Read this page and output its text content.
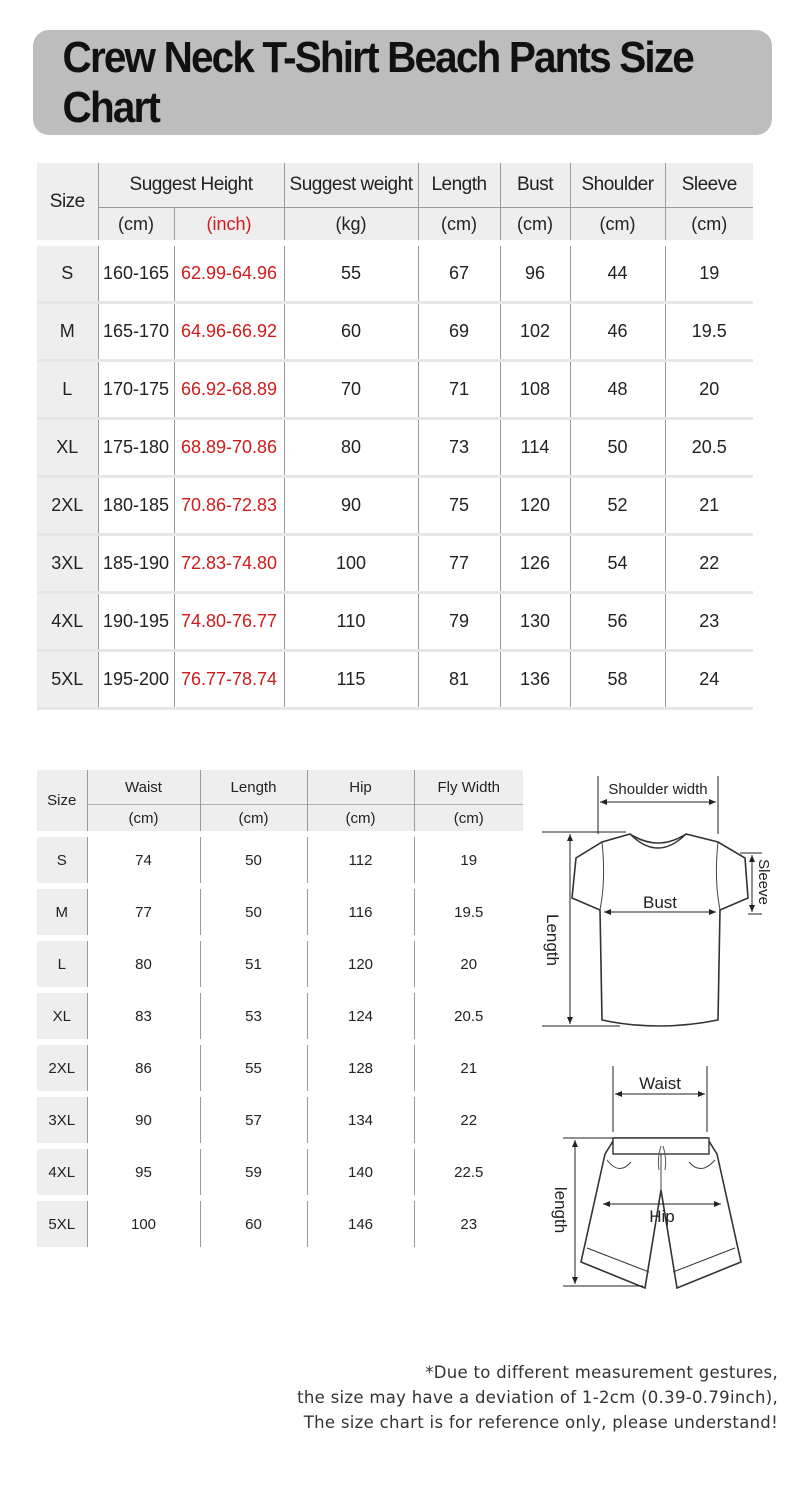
Crew Neck T-Shirt Beach Pants Size Chart
Size	Suggest Height		Suggest weight	Length	Bust	Shoulder	Sleeve
	(cm)	(inch)	(kg)	(cm)	(cm)	(cm)	(cm)

S	160-165	62.99-64.96	55	67	96	44	19
M	165-170	64.96-66.92	60	69	102	46	19.5
L	170-175	66.92-68.89	70	71	108	48	20
XL	175-180	68.89-70.86	80	73	114	50	20.5
2XL	180-185	70.86-72.83	90	75	120	52	21
3XL	185-190	72.83-74.80	100	77	126	54	22
4XL	190-195	74.80-76.77	110	79	130	56	23
5XL	195-200	76.77-78.74	115	81	136	58	24
Size	Waist	Length	Hip	Fly Width
	(cm)	(cm)	(cm)	(cm)

S	74	50	112	19
M	77	50	116	19.5
L	80	51	120	20
XL	83	53	124	20.5
2XL	86	55	128	21
3XL	90	57	134	22
4XL	95	59	140	22.5
5XL	100	60	146	23
Shoulder width
Bust
Length
Sleeve
Waist
Hip
length
*Due to different measurement gestures,
the size may have a deviation of 1-2cm (0.39-0.79inch),
The size chart is for reference only, please understand!
